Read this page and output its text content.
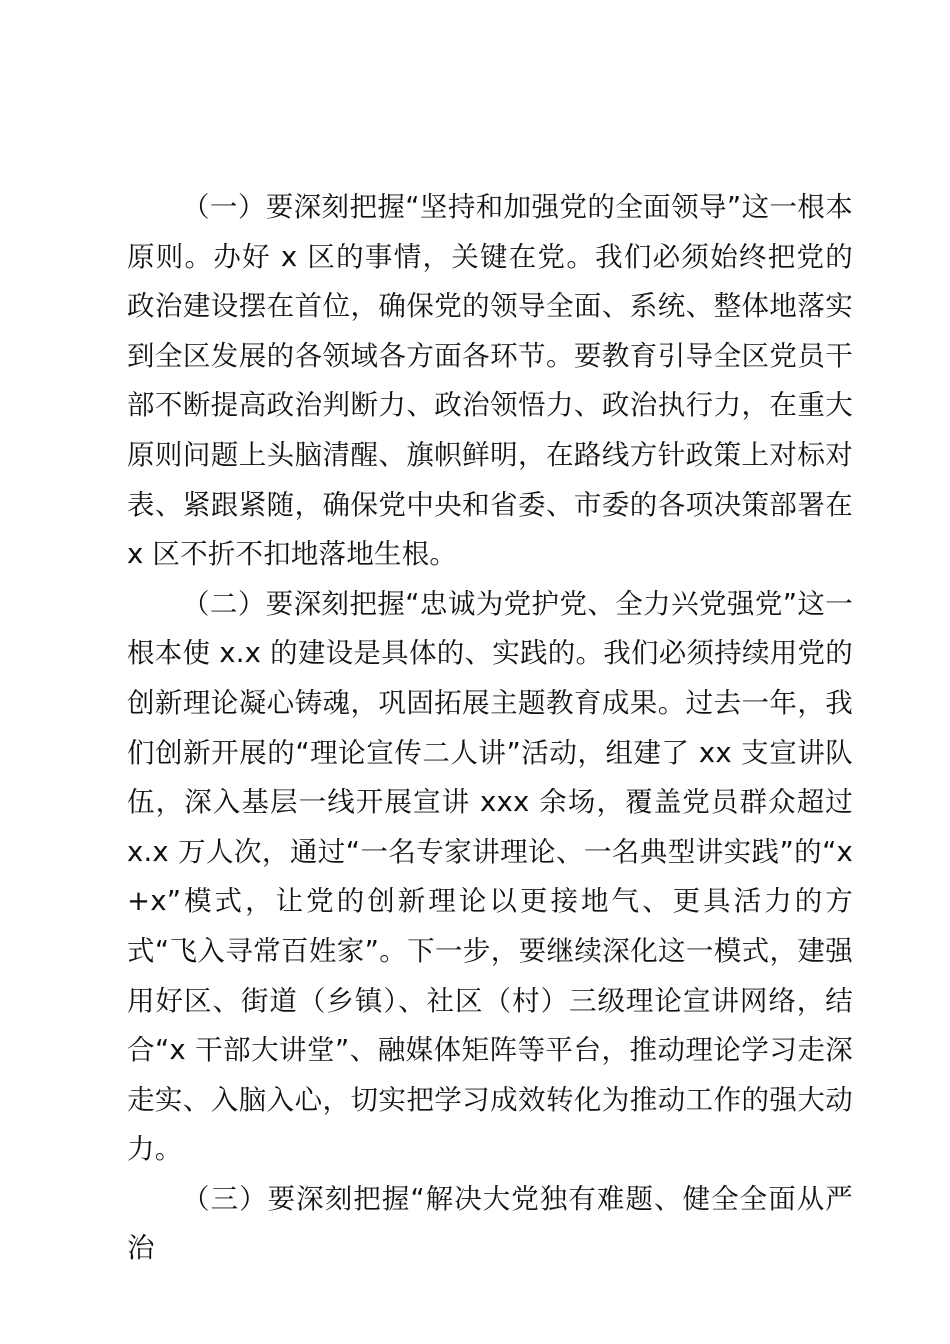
（一）要深刻把握“坚持和加强党的全面领导”这一根本原则。办好 x 区的事情，关键在党。我们必须始终把党的政治建设摆在首位，确保党的领导全面、系统、整体地落实到全区发展的各领域各方面各环节。要教育引导全区党员干部不断提高政治判断力、政治领悟力、政治执行力，在重大原则问题上头脑清醒、旗帜鲜明，在路线方针政策上对标对表、紧跟紧随，确保党中央和省委、市委的各项决策部署在 x 区不折不扣地落地生根。

（二）要深刻把握“忠诚为党护党、全力兴党强党”这一根本使 x.x 的建设是具体的、实践的。我们必须持续用党的创新理论凝心铸魂，巩固拓展主题教育成果。过去一年，我们创新开展的“理论宣传二人讲”活动，组建了 xx 支宣讲队伍，深入基层一线开展宣讲 xxx 余场，覆盖党员群众超过 x.x 万人次，通过“一名专家讲理论、一名典型讲实践”的“x+x”模式，让党的创新理论以更接地气、更具活力的方式“飞入寻常百姓家”。下一步，要继续深化这一模式，建强用好区、街道（乡镇）、社区（村）三级理论宣讲网络，结合“x 干部大讲堂”、融媒体矩阵等平台，推动理论学习走深走实、入脑入心，切实把学习成效转化为推动工作的强大动力。

（三）要深刻把握“解决大党独有难题、健全全面从严治
